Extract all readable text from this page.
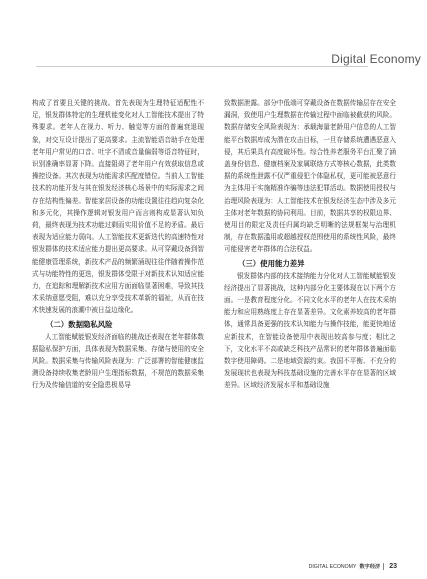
Digital Economy

构成了首要且关键的挑战。首先表现为生理特征适配性不足，银发群体特定的生理机能变化对人工智能技术提出了特殊要求。老年人在视力、听力、触觉等方面的普遍衰退现象，对交互设计提出了更高要求。主流智能语音助手在处理老年用户常见的口音、吐字不清或音量偏弱等语音特征时，识别准确率显著下降。直接阻碍了老年用户有效获取信息或操控设备。其次表现为功能需求匹配度错位。当前人工智能技术的功能开发与其在银发经济核心场景中的实际需求之间存在结构性偏差。智能家居设备的功能设置往往趋向复杂化和多元化，其操作逻辑对银发用户而言则构成显著认知负荷，最终表现为技术功能过剩而实用价值不足的矛盾。最后表现为适应能力弱向。人工智能技术更新迭代的高速特性对银发群体的技术适应能力提出更高要求。从可穿戴设备到智能健康管理系统，新技术产品的频繁涌现往往伴随着操作范式与功能特性的更迭，银发群体受限于对新技术认知适应能力，在追踪和理解新技术应用方面面临显著困难，导致其技术采纳意愿受阻，难以充分享受技术革新的福祉，从而在技术快速发展的浪潮中被日益边缘化。

（二）数据隐私风险

人工智能赋能银发经济面临的挑战还表现在老年群体数据隐私保护方面，具体表现为数据采集、存储与使用的安全风险。数据采集与传输风险表现为：广泛部署的智能健康监测设备持续收集老龄用户生理指标数据，不规范的数据采集行为及传输信道的安全隐患极易导

致数据泄露。部分中低端可穿戴设备在数据传输层存在安全漏洞，致使用户生理数据在传输过程中面临被截获的风险。数据存储安全风险表现为：承载海量老龄用户信息的人工智能平台数据库成为潜在攻击目标，一旦存储系统遭遇恶意入侵，其后果具有高度破坏性。综合性养老服务平台汇聚了涵盖身份信息、健康档案及家属联络方式等核心数据，此类数据的系统性泄露不仅严重侵犯个体隐私权，更可能被恶意行为主体用于实施精准诈骗等违法犯罪活动。数据使用授权与治理风险表现为：人工智能技术在银发经济生态中涉及多元主体对老年数据的协同利用。目前，数据共享的权限边界、使用目的限定及责任归属均缺乏明晰的法规框架与治理机制，存在数据滥用或超越授权范围使用的系统性风险，最终可能侵害老年群体的合法权益。

（三）使用能力差异

银发群体内部的技术接纳能力分化对人工智能赋能银发经济提出了显著挑战，这种内部分化主要体现在以下两个方面。一是教育程度分化。不同文化水平的老年人在技术采纳能力和应用熟练度上存在显著差异。文化素养较高的老年群体，通常具备更强的技术认知能力与操作技能，能更快地适应新技术，在智能设备使用中表现出较高参与度；相比之下，文化水平不高或缺乏科技产品常识的老年群体普遍面临数字使用障碍。二是地域资源约束。我国不平衡、不充分的发展现状也表现为科技基础设施的完善水平存在显著的区域差异。区域经济发展水平和基础设施

DIGITAL ECONOMY 数字经济 23
